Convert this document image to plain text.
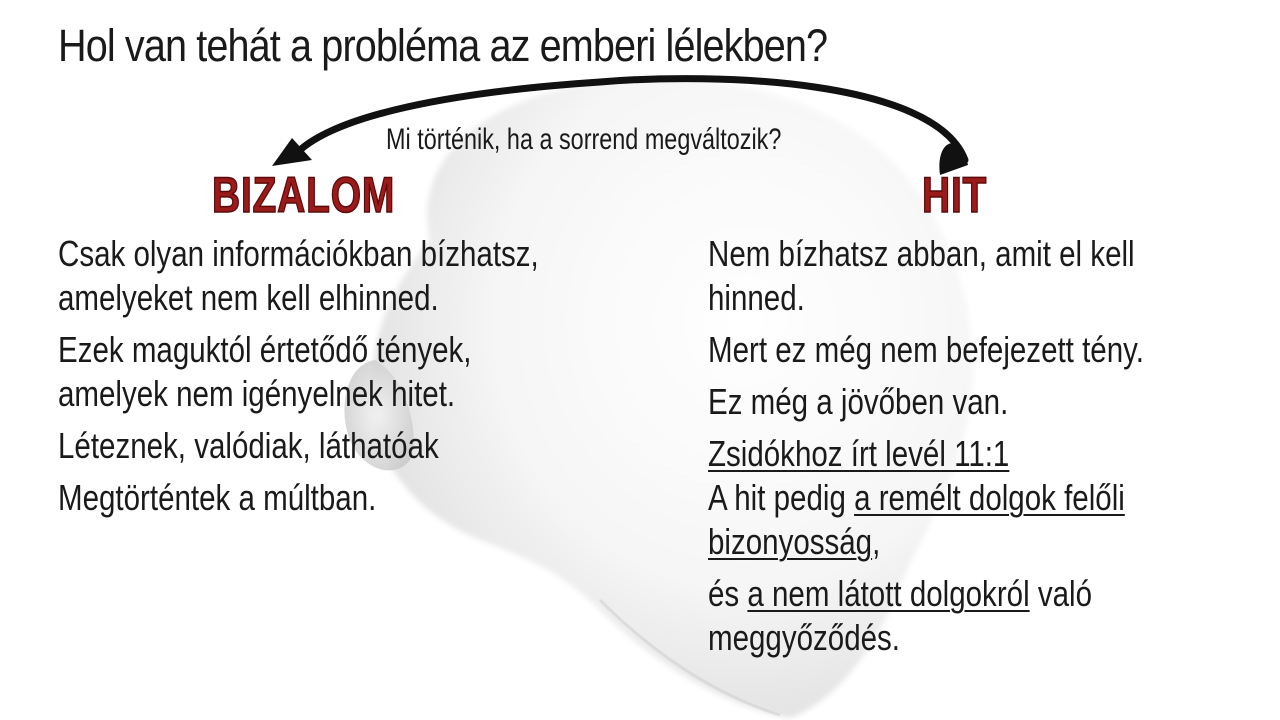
Hol van tehát a probléma az emberi lélekben?
Mi történik, ha a sorrend megváltozik?
BIZALOM	HIT

Csak olyan információkban bízhatsz,

amelyeket nem kell elhinned.

Ezek maguktól értetődő tények,

amelyek nem igényelnek hitet.

Léteznek, valódiak, láthatóak

Megtörténtek a múltban.

Nem bízhatsz abban, amit el kell

hinned.

Mert ez még nem befejezett tény.

Ez még a jövőben van.

Zsidókhoz írt levél 11:1

A hit pedig a remélt dolgok felőli

bizonyosság,

és a nem látott dolgokról való

meggyőződés.
